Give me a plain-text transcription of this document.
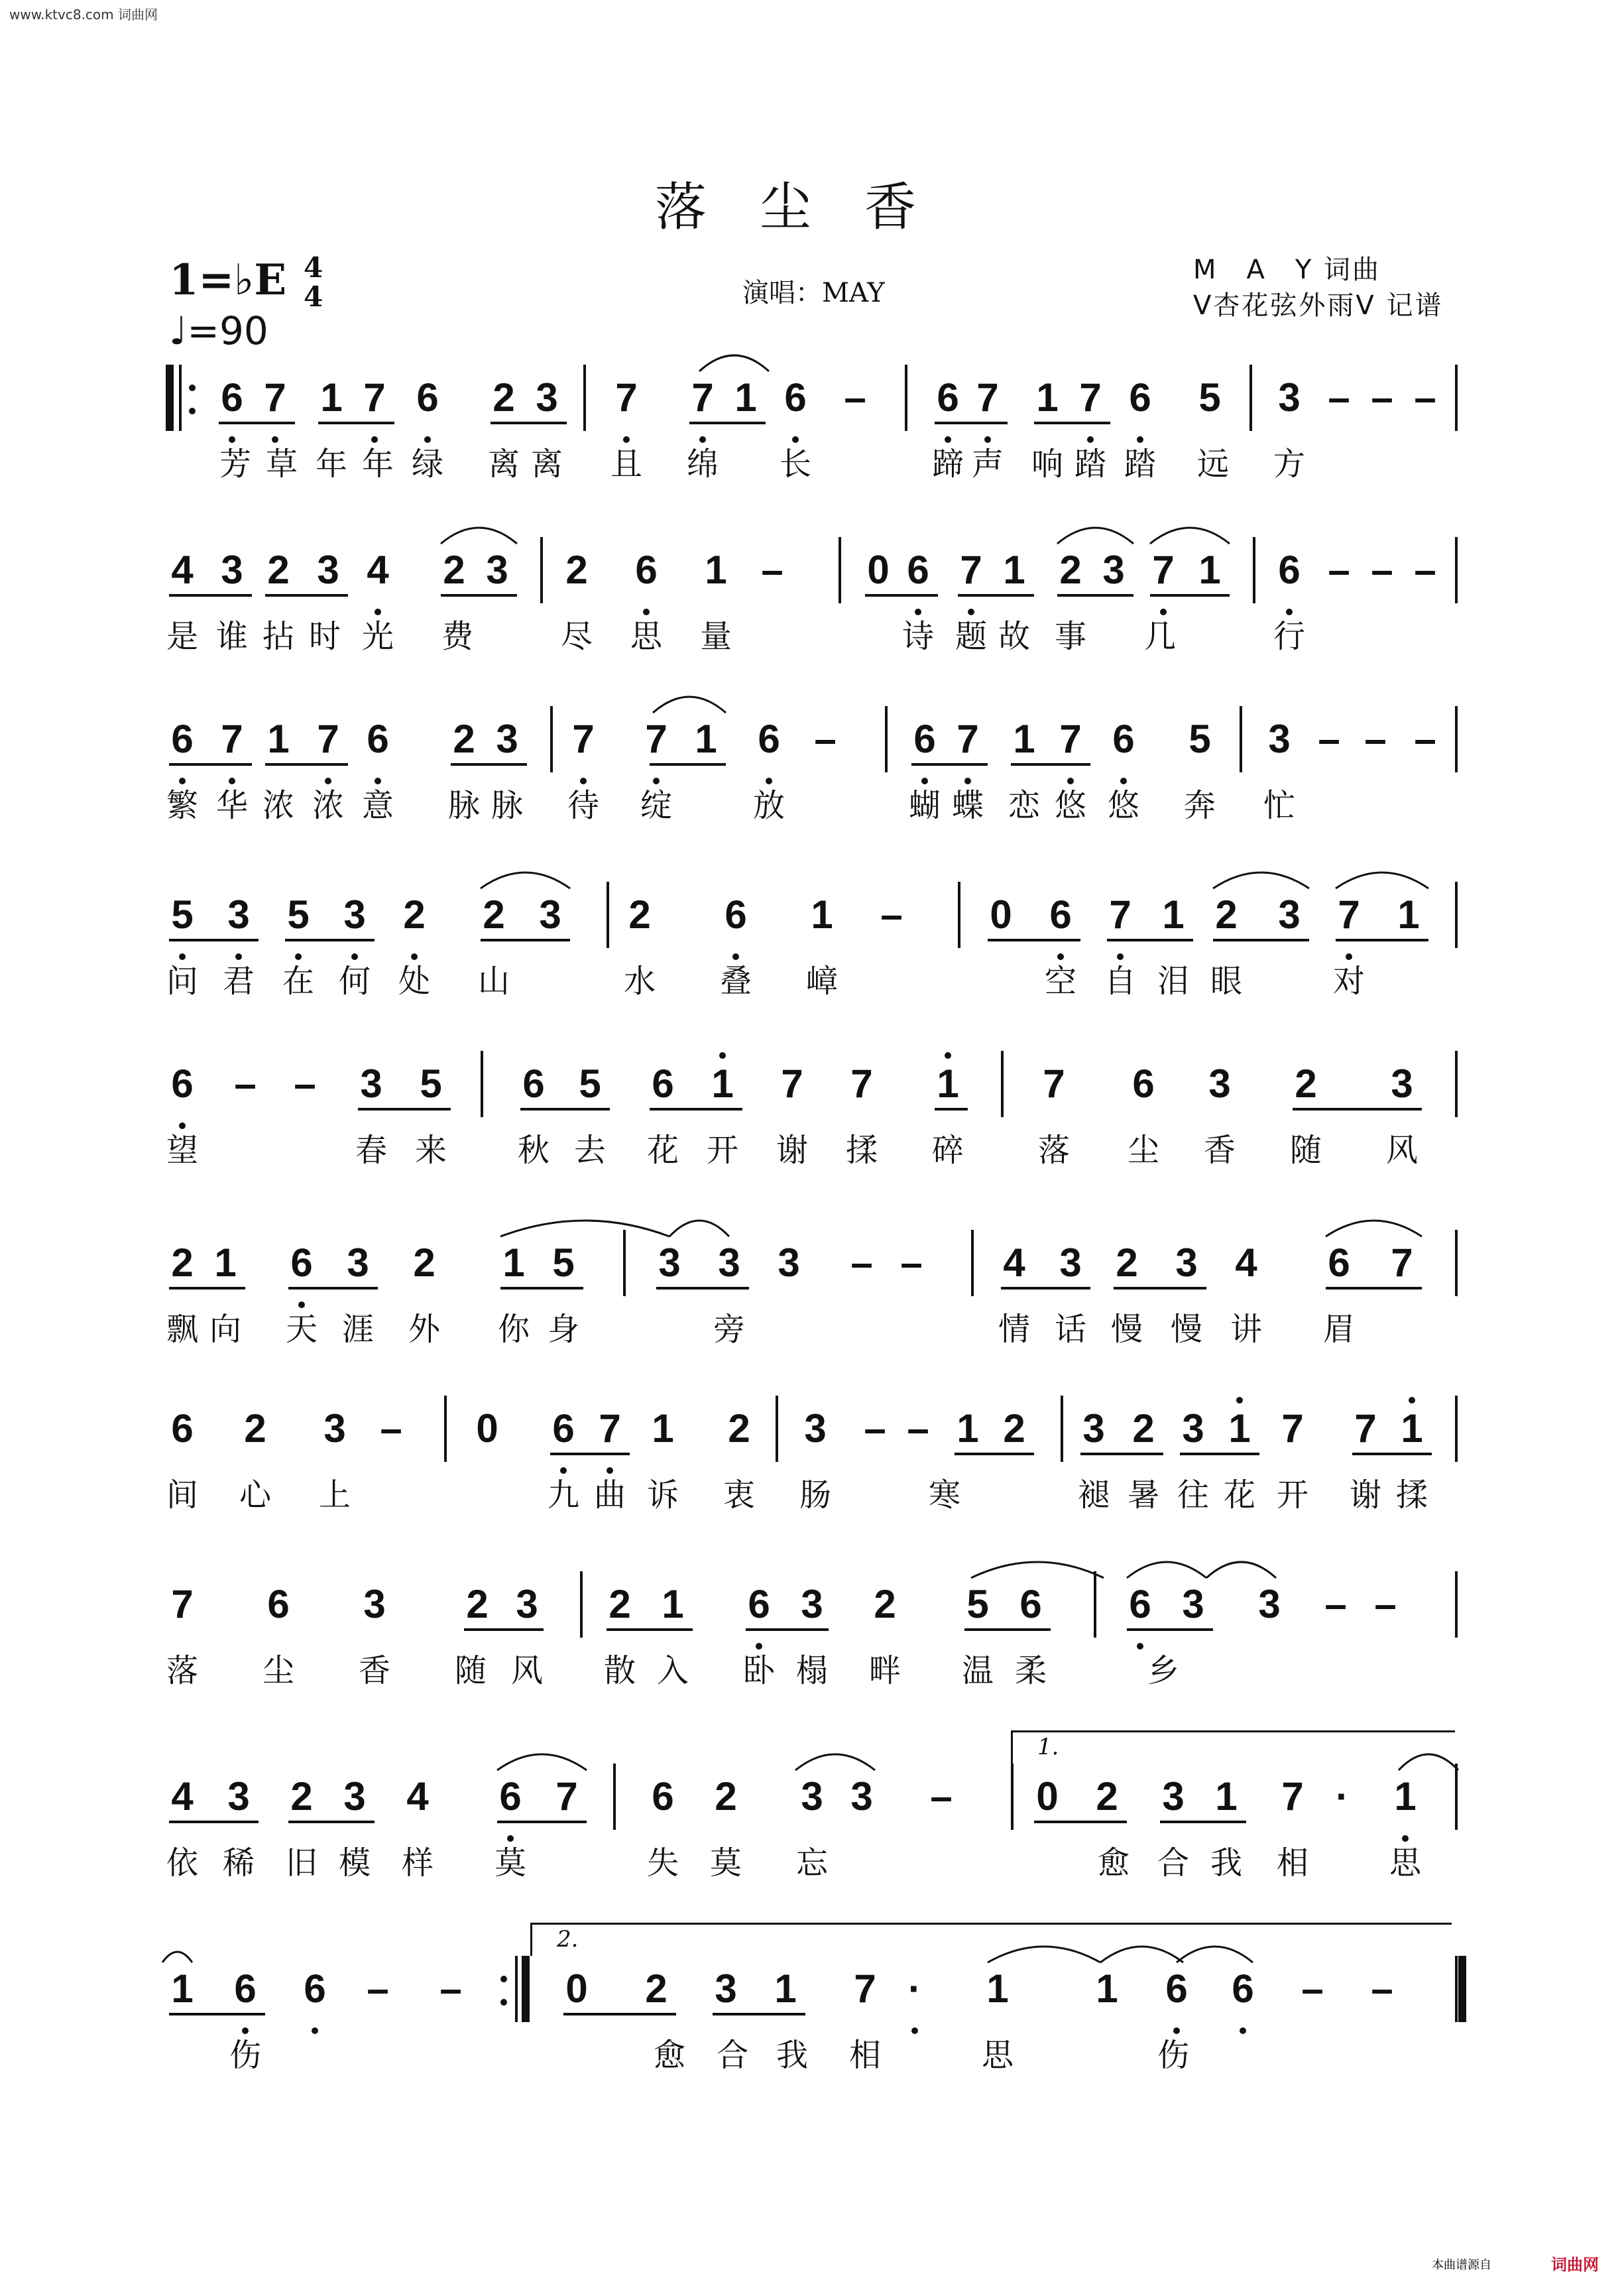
www.ktvc8.com 词曲网
落尘香
1=♭E 4
4
♩=90
演唱：MAY
M　A　Y 词曲
V杏花弦外雨V 记谱
6 7 1 7 6 2 3 7 7 1 6 – 6 7 1 7 6 5 3 – – –
芳 草 年 年 绿	离 离	且	绵	长	蹄 声 响 踏 踏	远	方
4 3 2 3 4 2 3 2 6 1 – 0 6 7 1 2 3 7 1 6 – – –
是 谁 拈 时 光	费	尽	思	量	诗 题 故 事	几	行
6 7 1 7 6 2 3 7 7 1 6 – 6 7 1 7 6 5 3 – – –
繁 华 浓 浓 意	脉 脉	待	绽	放	蝴 蝶 恋 悠 悠	奔	忙
5 3 5 3 2 2 3 2 6 1 – 0 6 7 1 2 3 7 1
问 君 在 何 处	山	水	叠	嶂	空 自 泪 眼	对
6 – – 3 5 6 5 6 1 7 7 1 7 6 3 2 3
望	春 来	秋 去	花 开	谢	揉	碎	落	尘	香	随	风
2 1 6 3 2 1 5 3 3 3 – – 4 3 2 3 4 6 7
飘 向	天 涯	外	你 身	旁	情 话 慢 慢 讲	眉
6 2 3 – 0 6 7 1 2 3 – – 1 2 3 2 3 1 7 7 1
间	心	上	九 曲 诉	衷	肠	寒	褪 暑 往 花 开	谢 揉
7 6 3 2 3 2 1 6 3 2 5 6 6 3 3 – –
落	尘	香	随 风	散 入	卧 榻	畔	温 柔	乡
4 3 2 3 4 6 7 6 2 3 3 – 0 2 3 1 7 ·	1
1.
依 稀 旧 模 样	莫	失 莫	忘	愈 合 我	相	思
1 6 6 – –	0 2 3 1 7 ·	1 1 6 6 – –
2.
伤	愈 合 我	相	思	伤
本曲谱源自	词曲网
